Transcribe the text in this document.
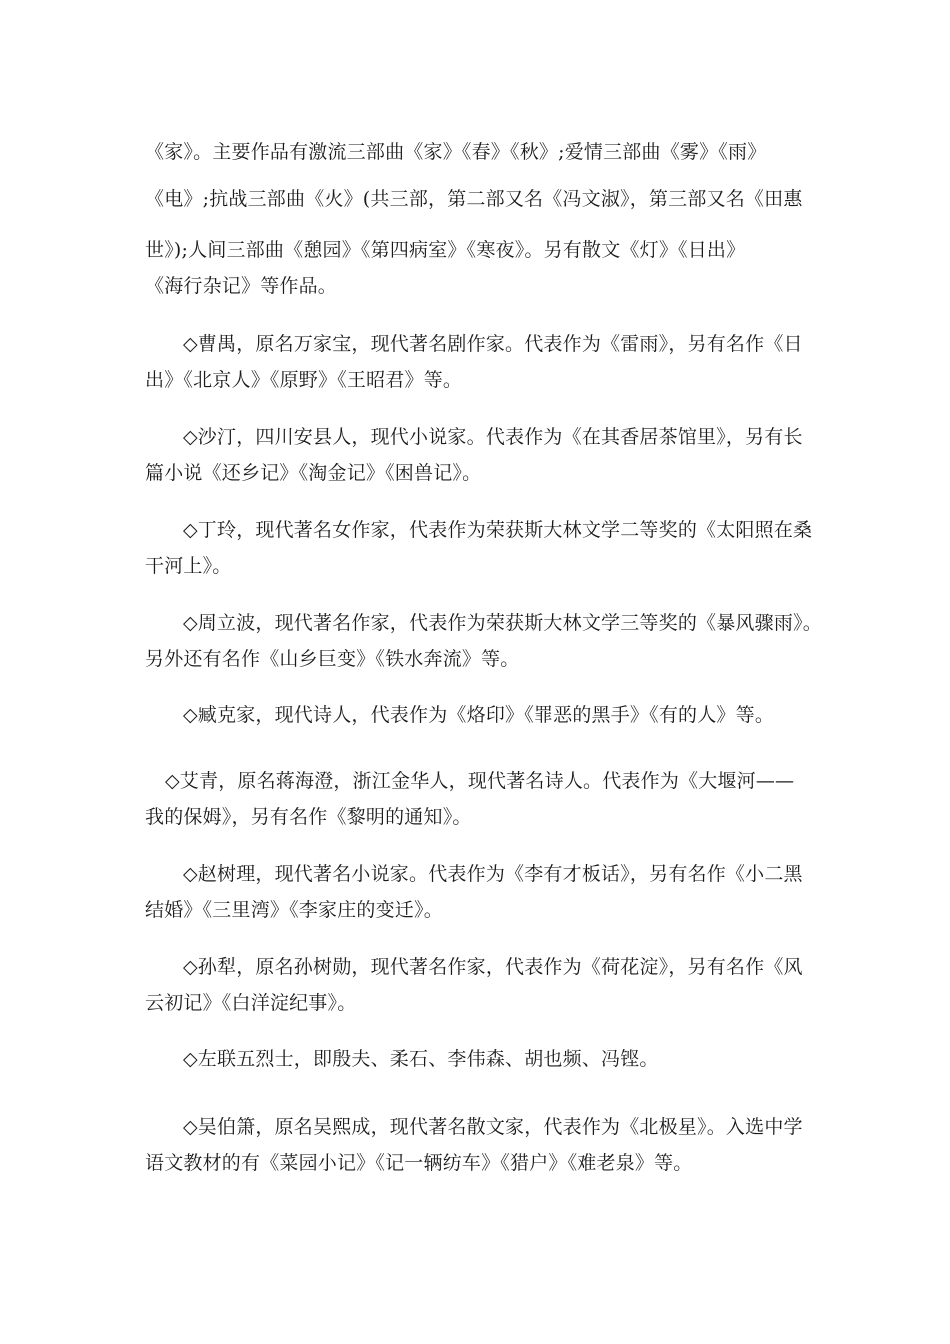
《家》。主要作品有激流三部曲《家》《春》《秋》;爱情三部曲《雾》《雨》
《电》;抗战三部曲《火》(共三部，第二部又名《冯文淑》，第三部又名《田惠
世》);人间三部曲《憩园》《第四病室》《寒夜》。另有散文《灯》《日出》
《海行杂记》等作品。
◇曹禺，原名万家宝，现代著名剧作家。代表作为《雷雨》，另有名作《日
出》《北京人》《原野》《王昭君》等。
◇沙汀，四川安县人，现代小说家。代表作为《在其香居茶馆里》，另有长
篇小说《还乡记》《淘金记》《困兽记》。
◇丁玲，现代著名女作家，代表作为荣获斯大林文学二等奖的《太阳照在桑
干河上》。
◇周立波，现代著名作家，代表作为荣获斯大林文学三等奖的《暴风骤雨》。
另外还有名作《山乡巨变》《铁水奔流》等。
◇臧克家，现代诗人，代表作为《烙印》《罪恶的黑手》《有的人》等。
◇艾青，原名蒋海澄，浙江金华人，现代著名诗人。代表作为《大堰河——
我的保姆》，另有名作《黎明的通知》。
◇赵树理，现代著名小说家。代表作为《李有才板话》，另有名作《小二黑
结婚》《三里湾》《李家庄的变迁》。
◇孙犁，原名孙树勋，现代著名作家，代表作为《荷花淀》，另有名作《风
云初记》《白洋淀纪事》。
◇左联五烈士，即殷夫、柔石、李伟森、胡也频、冯铿。
◇吴伯箫，原名吴熙成，现代著名散文家，代表作为《北极星》。入选中学
语文教材的有《菜园小记》《记一辆纺车》《猎户》《难老泉》等。
